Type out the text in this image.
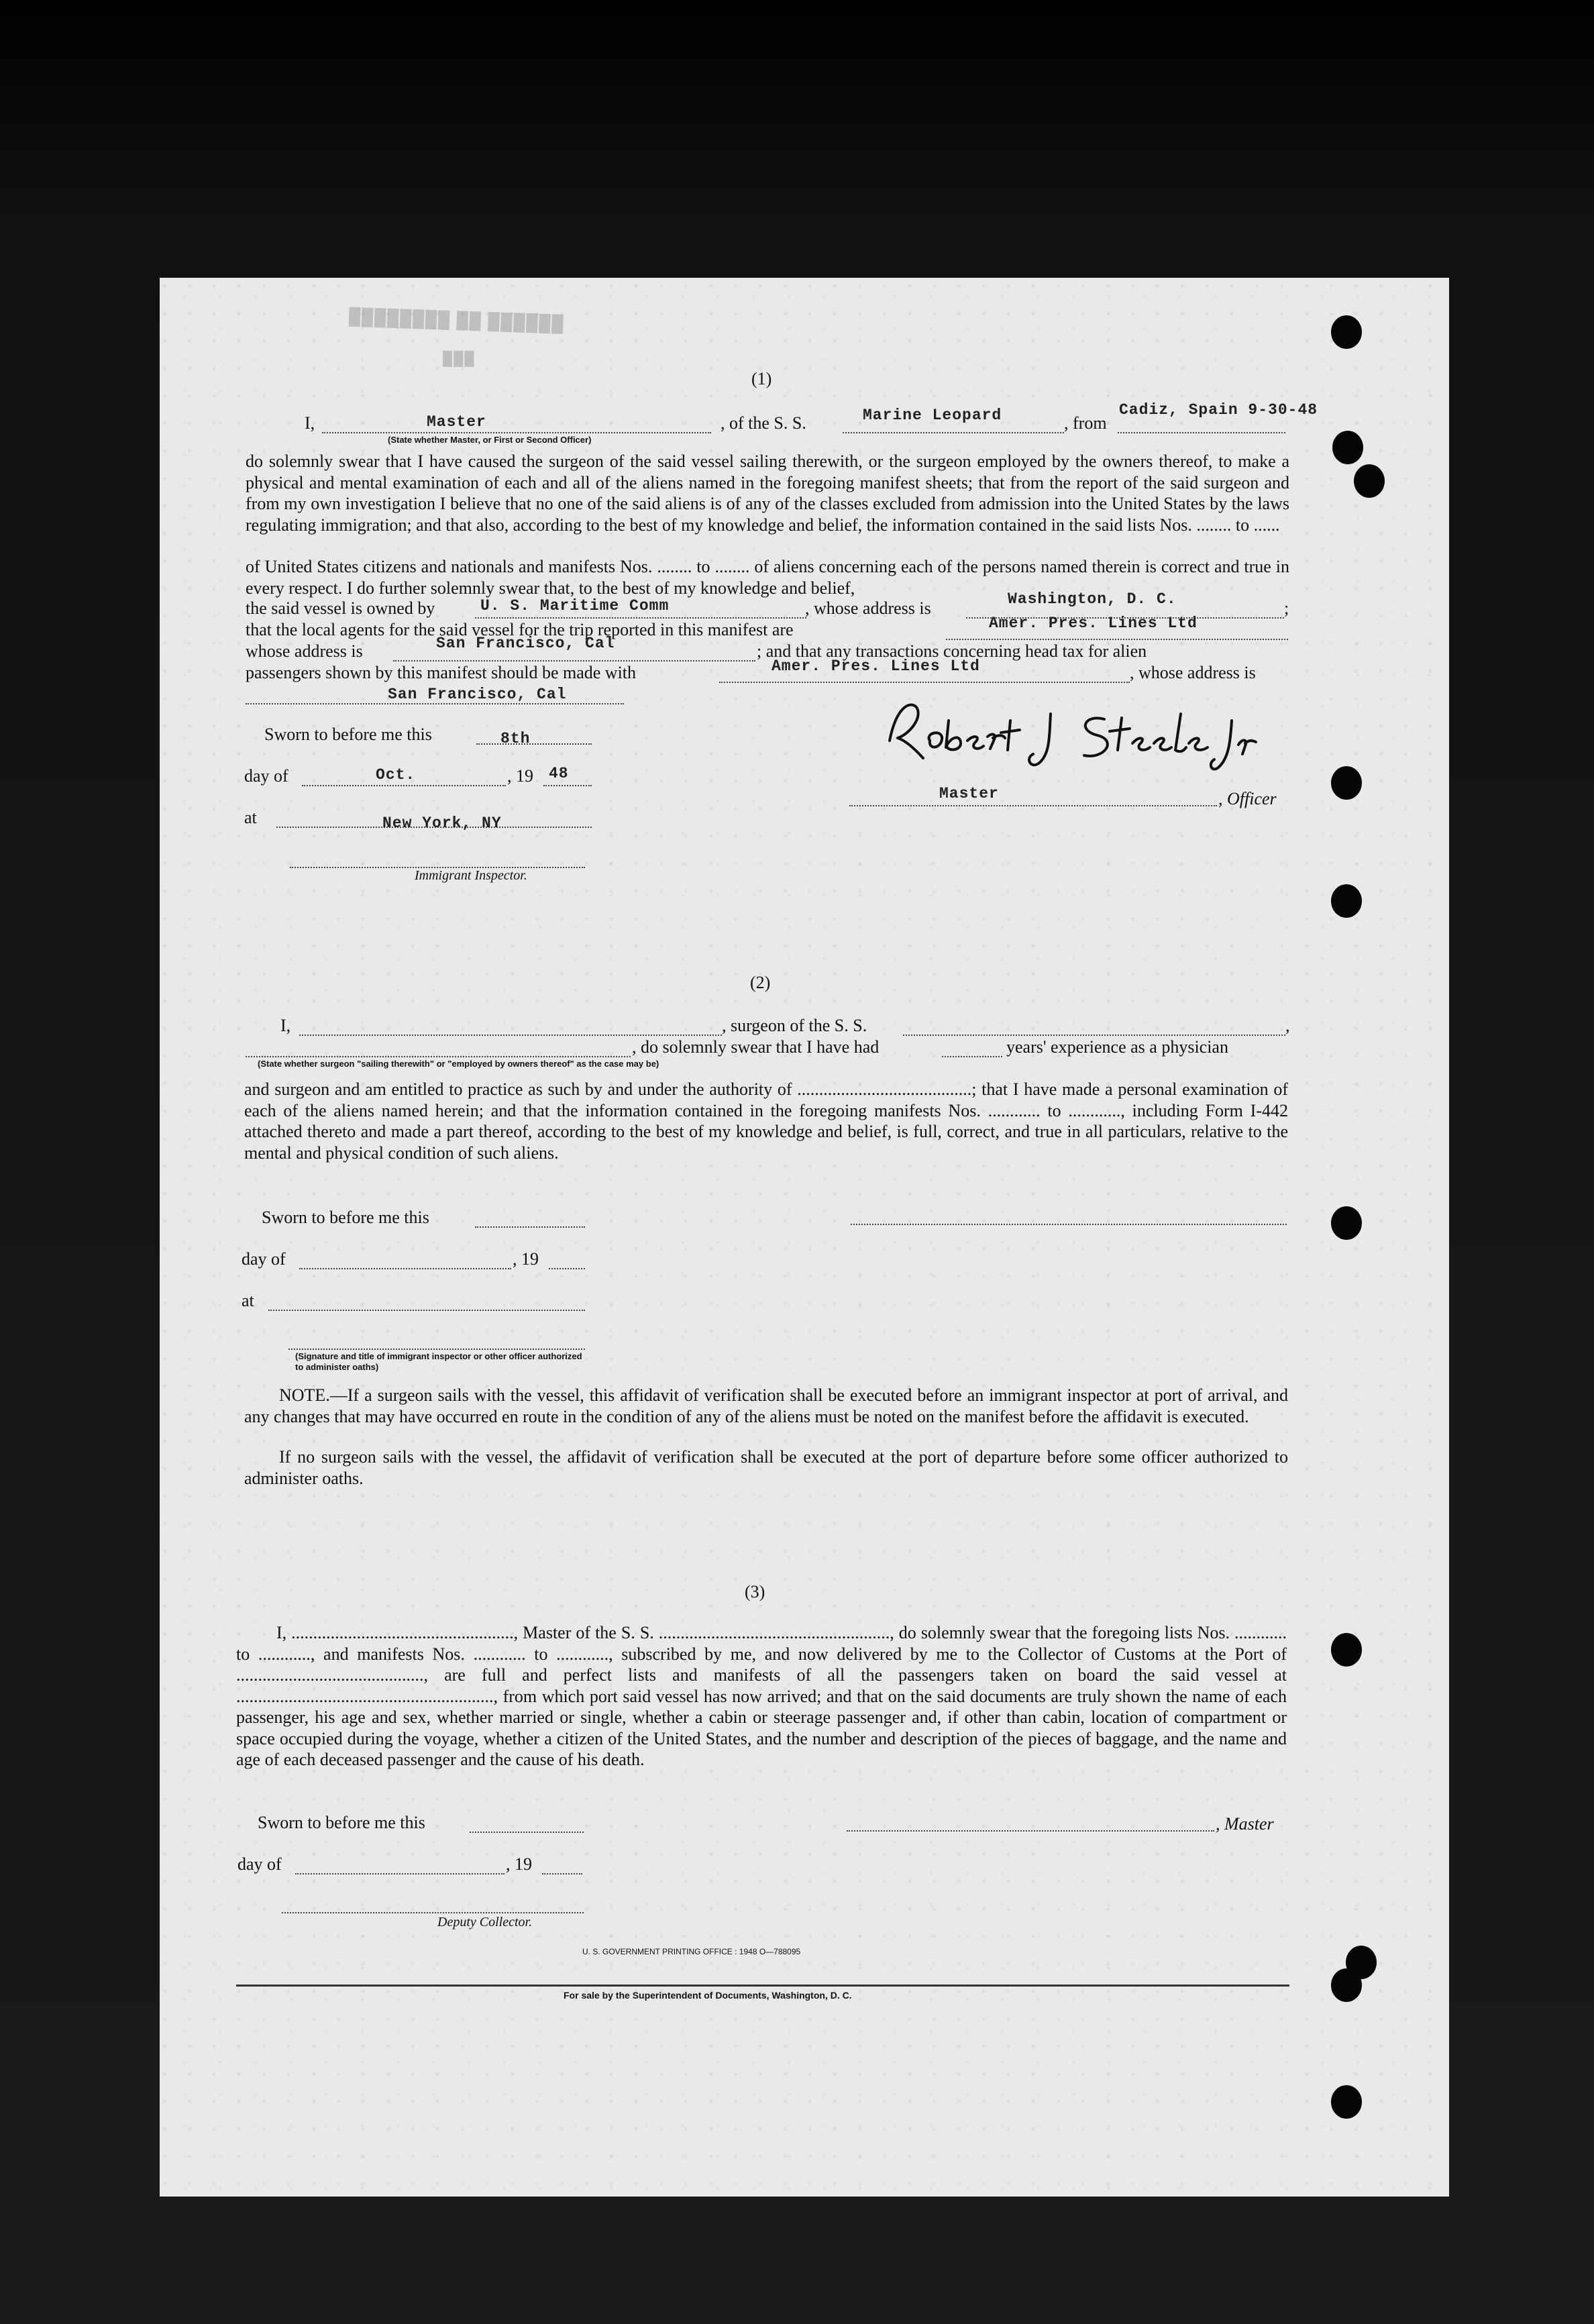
██████ ██ ████████
███
(1)
I,	Master
(State whether Master, or First or Second Officer)
, of the S. S.	Marine Leopard	, from
Cadiz, Spain 9-30-48
do solemnly swear that I have caused the surgeon of the said vessel sailing therewith, or the surgeon employed by the owners thereof, to make a physical and mental examination of each and all of the aliens named in the foregoing manifest sheets; that from the report of the said surgeon and from my own investigation I believe that no one of the said aliens is of any of the classes excluded from admission into the United States by the laws regulating immigration; and that also, according to the best of my knowledge and belief, the information contained in the said lists Nos. ........ to ......
of United States citizens and nationals and manifests Nos. ........ to ........ of aliens concerning each of the persons named therein is correct and true in every respect. I do further solemnly swear that, to the best of my knowledge and belief,
the said vessel is owned by	U. S. Maritime Comm	, whose address is	Washington, D. C.	;
that the local agents for the said vessel for the trip reported in this manifest are	Amer. Pres. Lines Ltd
whose address is	San Francisco, Cal	; and that any transactions concerning head tax for alien
passengers shown by this manifest should be made with	Amer. Pres. Lines Ltd	, whose address is
San Francisco, Cal
Sworn to before me this	8th
day of	Oct.	, 19 48
at	New York, NY
Immigrant Inspector.
Master	, Officer
(2)
I,	, surgeon of the S. S.	,
, do solemnly swear that I have had	years' experience as a physician
(State whether surgeon "sailing therewith" or "employed by owners thereof" as the case may be)
and surgeon and am entitled to practice as such by and under the authority of ........................................; that I have made a personal examination of each of the aliens named herein; and that the information contained in the foregoing manifests Nos. ............ to ............, including Form I-442 attached thereto and made a part thereof, according to the best of my knowledge and belief, is full, correct, and true in all particulars, relative to the mental and physical condition of such aliens.
Sworn to before me this
day of	, 19
at
(Signature and title of immigrant inspector or other officer authorized to administer oaths)
NOTE.—If a surgeon sails with the vessel, this affidavit of verification shall be executed before an immigrant inspector at port of arrival, and any changes that may have occurred en route in the condition of any of the aliens must be noted on the manifest before the affidavit is executed.
If no surgeon sails with the vessel, the affidavit of verification shall be executed at the port of departure before some officer authorized to administer oaths.
(3)
I, ..................................................., Master of the S. S. ....................................................., do solemnly swear that the foregoing lists Nos. ............ to ............, and manifests Nos. ............ to ............, subscribed by me, and now delivered by me to the Collector of Customs at the Port of ..........................................., are full and perfect lists and manifests of all the passengers taken on board the said vessel at ..........................................................., from which port said vessel has now arrived; and that on the said documents are truly shown the name of each passenger, his age and sex, whether married or single, whether a cabin or steerage passenger and, if other than cabin, location of compartment or space occupied during the voyage, whether a citizen of the United States, and the number and description of the pieces of baggage, and the name and age of each deceased passenger and the cause of his death.
Sworn to before me this	, Master
day of	, 19
Deputy Collector.
U. S. GOVERNMENT PRINTING OFFICE : 1948 O—788095
For sale by the Superintendent of Documents, Washington, D. C.
